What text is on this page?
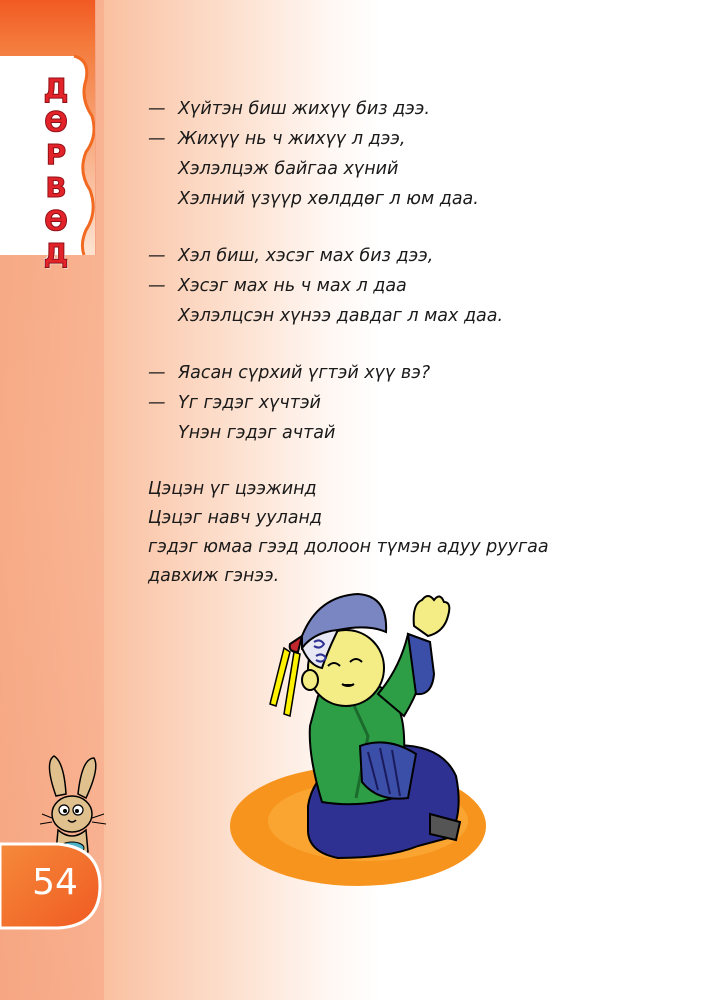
Д
Ө
Р
В
Ө
Д
— Хүйтэн биш жихүү биз дээ.
— Жихүү нь ч жихүү л дээ,
Хэлэлцэж байгаа хүний
Хэлний үзүүр хөлддөг л юм даа.
— Хэл биш, хэсэг мах биз дээ,
— Хэсэг мах нь ч мах л даа
Хэлэлцсэн хүнээ давдаг л мах даа.
— Яасан сүрхий үгтэй хүү вэ?
— Үг гэдэг хүчтэй
Үнэн гэдэг ачтай
Цэцэн үг цээжинд
Цэцэг навч ууланд
гэдэг юмаа гээд долоон түмэн адуу руугаа
давхиж гэнээ.
54
